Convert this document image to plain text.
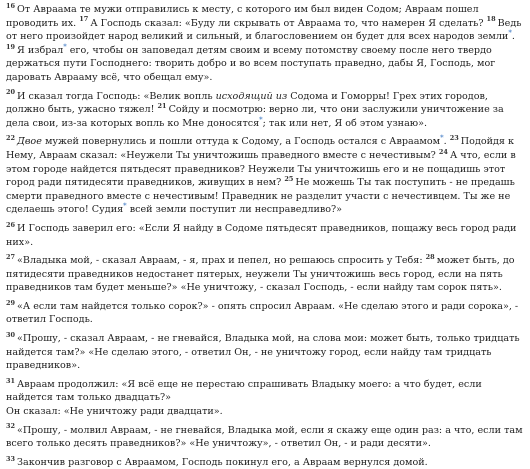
$^{16}$ От Авраама те мужи отправились к месту, с которого им был виден Содом; Авраам пошел проводить их. $^{17}$ А Господь сказал: «Буду ли скрывать от Авраама то, что намерен Я сделать? $^{18}$ Ведь от него произойдет народ великий и сильный, и благословением он будет для всех народов земли*. $^{19}$ Я избрал* его, чтобы он заповедал детям своим и всему потомству своему после него твердо держаться пути Господнего: творить добро и во всем поступать праведно, дабы Я, Господь, мог даровать Аврааму всё, что обещал ему».

$^{20}$ И сказал тогда Господь: «Велик вопль исходящий из Содома и Гоморры! Грех этих городов, должно быть, ужасно тяжел! $^{21}$ Сойду и посмотрю: верно ли, что они заслужили уничтожение за дела свои, из-за которых вопль ко Мне доносятся*; так или нет, Я об этом узнаю».

$^{22}$ Двое мужей повернулись и пошли оттуда к Содому, а Господь остался с Авраамом*. $^{23}$ Подойдя к Нему, Авраам сказал: «Неужели Ты уничтожишь праведного вместе с нечестивым? $^{24}$ А что, если в этом городе найдется пятьдесят праведников? Неужели Ты уничтожишь его и не пощадишь этот город ради пятидесяти праведников, живущих в нем? $^{25}$ Не можешь Ты так поступить - не предашь смерти праведного вместе с нечестивым! Праведник не разделит участи с нечестивцем. Ты же не сделаешь этого! Судия* всей земли поступит ли несправедливо?»

$^{26}$ И Господь заверил его: «Если Я найду в Содоме пятьдесят праведников, пощажу весь город ради них».

$^{27}$ «Владыка мой, - сказал Авраам, - я, прах и пепел, но решаюсь спросить у Тебя: $^{28}$ может быть, до пятидесяти праведников недостанет пятерых, неужели Ты уничтожишь весь город, если на пять праведников там будет меньше?» «Не уничтожу, - сказал Господь, - если найду там сорок пять».

$^{29}$ «А если там найдется только сорок?» - опять спросил Авраам. «Не сделаю этого и ради сорока», - ответил Господь.

$^{30}$ «Прошу, - сказал Авраам, - не гневайся, Владыка мой, на слова мои: может быть, только тридцать найдется там?» «Не сделаю этого, - ответил Он, - не уничтожу город, если найду там тридцать праведников».

$^{31}$ Авраам продолжил: «Я всё еще не перестаю спрашивать Владыку моего: а что будет, если найдется там только двадцать?»
Он сказал: «Не уничтожу ради двадцати».

$^{32}$ «Прошу, - молвил Авраам, - не гневайся, Владыка мой, если я скажу еще один раз: а что, если там всего только десять праведников?» «Не уничтожу», - ответил Он, - и ради десяти».

$^{33}$ Закончив разговор с Авраамом, Господь покинул его, а Авраам вернулся домой.
